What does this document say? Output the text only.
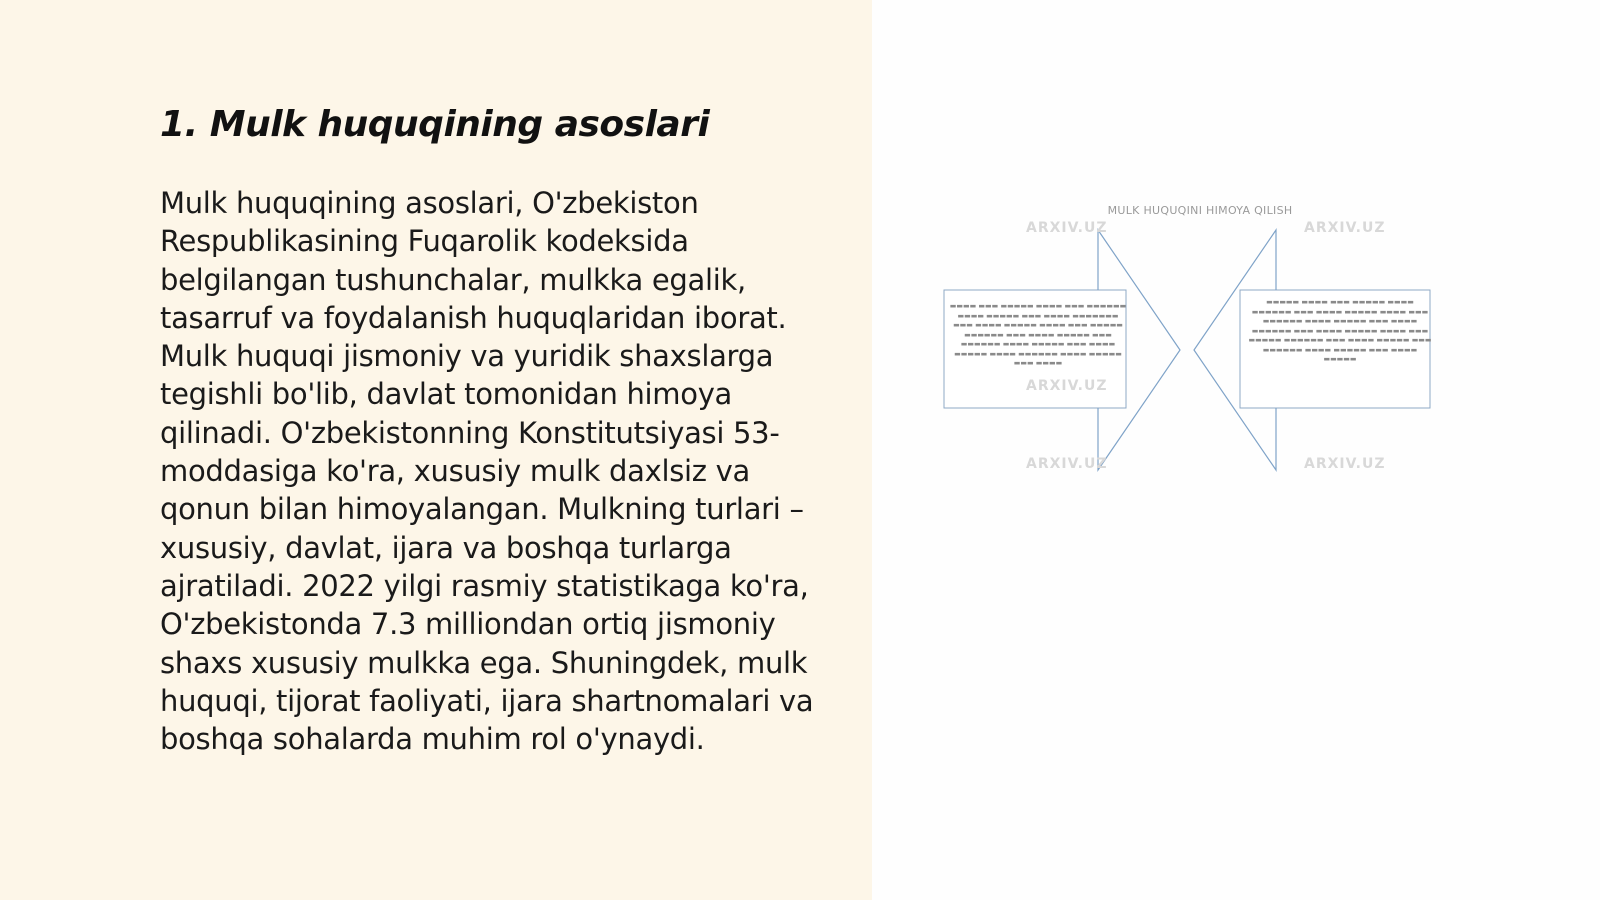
1. Mulk huquqining asoslari

Mulk huquqining asoslari, O'zbekiston Respublikasining Fuqarolik kodeksida belgilangan tushunchalar, mulkka egalik, tasarruf va foydalanish huquqlaridan iborat. Mulk huquqi jismoniy va yuridik shaxslarga tegishli bo'lib, davlat tomonidan himoya qilinadi. O'zbekistonning Konstitutsiyasi 53-moddasiga ko'ra, xususiy mulk daxlsiz va qonun bilan himoyalangan. Mulkning turlari – xususiy, davlat, ijara va boshqa turlarga ajratiladi. 2022 yilgi rasmiy statistikaga ko'ra, O'zbekistonda 7.3 milliondan ortiq jismoniy shaxs xususiy mulkka ega. Shuningdek, mulk huquqi, tijorat faoliyati, ijara shartnomalari va boshqa sohalarda muhim rol o'ynaydi.

MULK HUQUQINI HIMOYA QILISH
▬▬▬▬ ▬▬▬ ▬▬▬▬▬ ▬▬▬▬ ▬▬▬ ▬▬▬▬▬▬ ▬▬▬▬ ▬▬▬▬▬ ▬▬▬ ▬▬▬▬ ▬▬▬▬▬▬▬ ▬▬▬ ▬▬▬▬ ▬▬▬▬▬ ▬▬▬▬ ▬▬▬ ▬▬▬▬▬ ▬▬▬▬▬▬ ▬▬▬ ▬▬▬▬ ▬▬▬▬▬ ▬▬▬ ▬▬▬▬▬▬ ▬▬▬▬ ▬▬▬▬▬ ▬▬▬ ▬▬▬▬ ▬▬▬▬▬ ▬▬▬▬ ▬▬▬▬▬▬ ▬▬▬▬ ▬▬▬▬▬ ▬▬▬ ▬▬▬▬
▬▬▬▬▬ ▬▬▬▬ ▬▬▬ ▬▬▬▬▬ ▬▬▬▬ ▬▬▬▬▬▬ ▬▬▬ ▬▬▬▬ ▬▬▬▬▬ ▬▬▬▬ ▬▬▬ ▬▬▬▬▬▬ ▬▬▬▬ ▬▬▬▬▬ ▬▬▬ ▬▬▬▬ ▬▬▬▬▬▬ ▬▬▬ ▬▬▬▬ ▬▬▬▬▬ ▬▬▬▬ ▬▬▬ ▬▬▬▬▬ ▬▬▬▬▬▬ ▬▬▬ ▬▬▬▬ ▬▬▬▬▬ ▬▬▬ ▬▬▬▬▬▬ ▬▬▬▬ ▬▬▬▬▬ ▬▬▬ ▬▬▬▬ ▬▬▬▬▬
ARXIV.UZ	ARXIV.UZ
ARXIV.UZ
ARXIV.UZ	ARXIV.UZ
